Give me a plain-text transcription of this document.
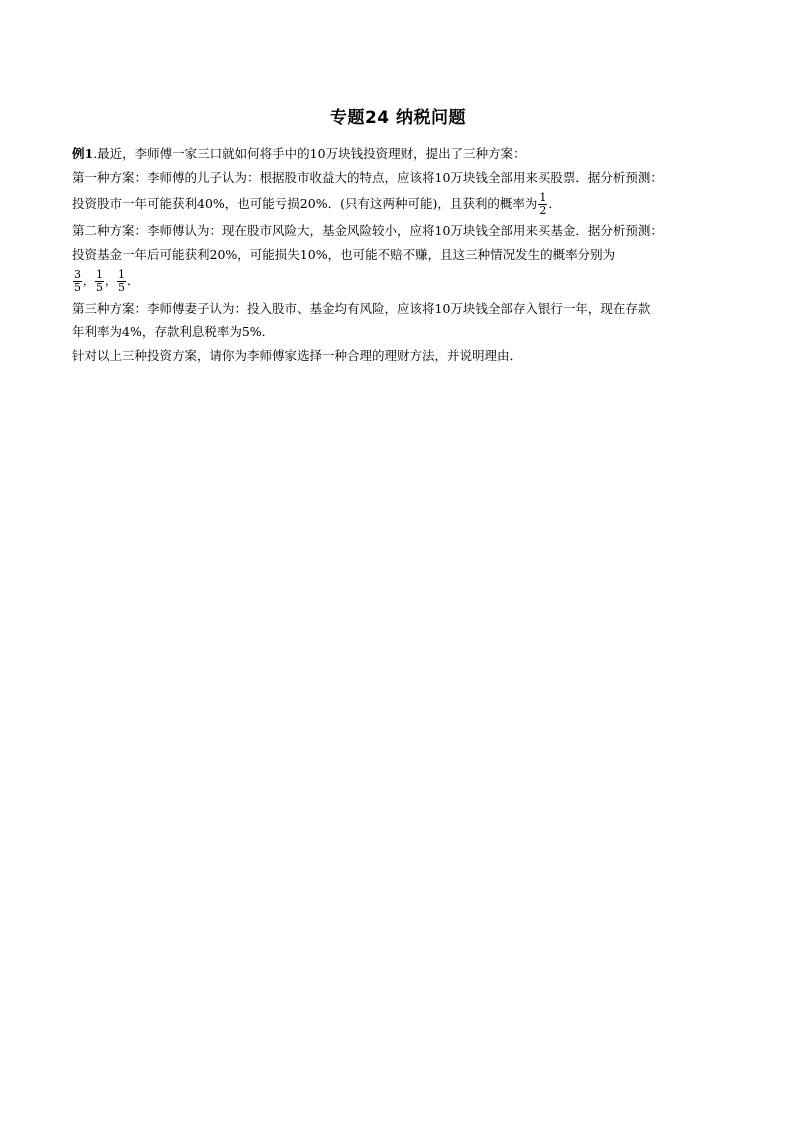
专题24 纳税问题

例1.最近，李师傅一家三口就如何将手中的10万块钱投资理财，提出了三种方案：

第一种方案：李师傅的儿子认为：根据股市收益大的特点，应该将10万块钱全部用来买股票．据分析预测：

投资股市一年可能获利40%，也可能亏损20%．(只有这两种可能)，且获利的概率为 $\frac{1}{2}$ ．

第二种方案：李师傅认为：现在股市风险大，基金风险较小，应将10万块钱全部用来买基金．据分析预测：

投资基金一年后可能获利20%，可能损失10%，也可能不赔不赚，且这三种情况发生的概率分别为

$\frac{3}{5}$ ， $\frac{1}{5}$ ， $\frac{1}{5}$ ．

第三种方案：李师傅妻子认为：投入股市、基金均有风险，应该将10万块钱全部存入银行一年，现在存款

年利率为4%，存款利息税率为5%．

针对以上三种投资方案，请你为李师傅家选择一种合理的理财方法，并说明理由．
